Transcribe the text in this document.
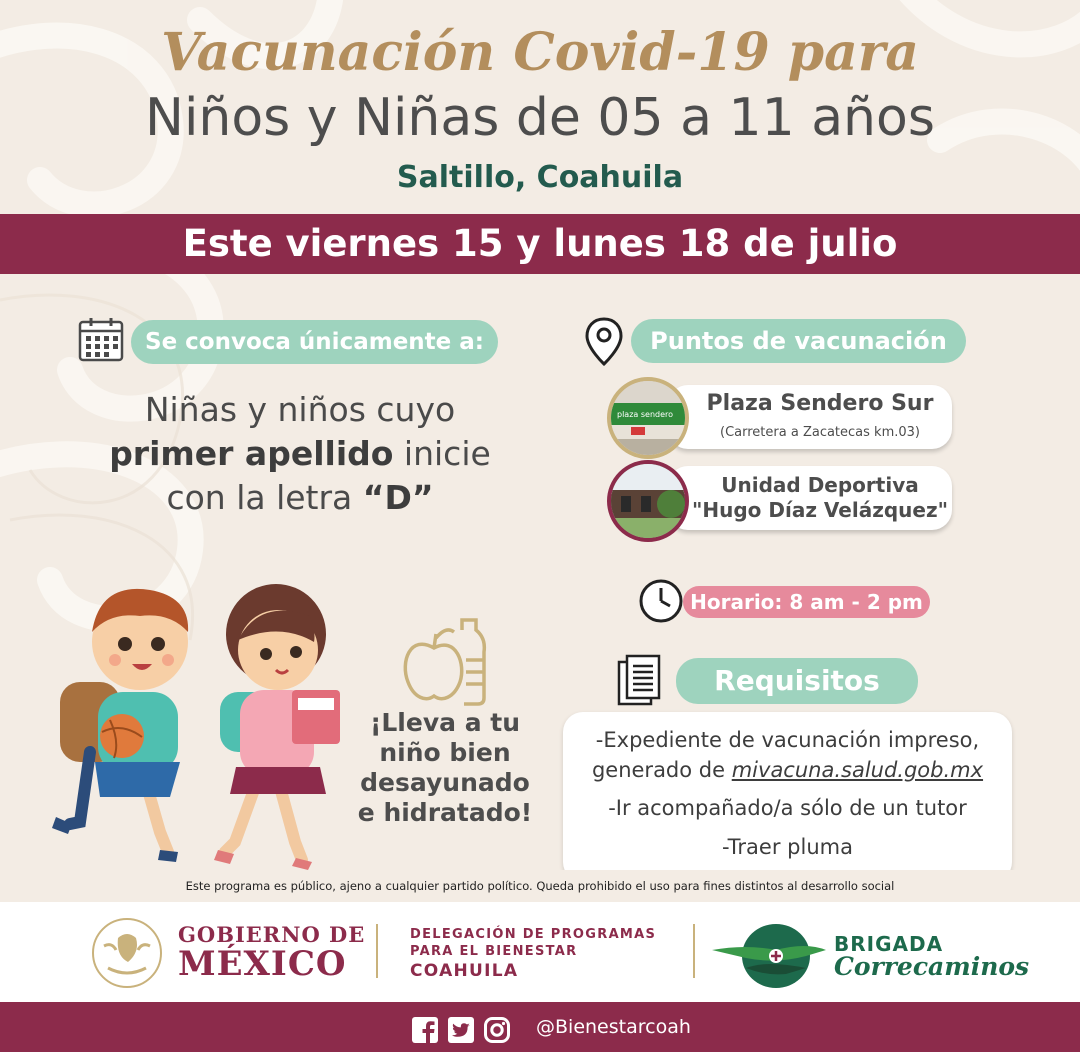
Vacunación Covid-19 para
Niños y Niñas de 05 a 11 años
Saltillo, Coahuila
Este viernes 15 y lunes 18 de julio
Se convoca únicamente a:
Niñas y niños cuyo
primer apellido inicie
con la letra “D”
¡Lleva a tu
niño bien
desayunado
e hidratado!
Puntos de vacunación
Plaza Sendero Sur
(Carretera a Zacatecas km.03)
plaza sendero
Unidad Deportiva
"Hugo Díaz Velázquez"
Horario: 8 am - 2 pm
Requisitos
-Expediente de vacunación impreso,
generado de mivacuna.salud.gob.mx
-Ir acompañado/a sólo de un tutor
-Traer pluma
Este programa es público, ajeno a cualquier partido político. Queda prohibido el uso para fines distintos al desarrollo social
GOBIERNO DE
MÉXICO
DELEGACIÓN DE PROGRAMAS
PARA EL BIENESTAR
COAHUILA
BRIGADA
Correcaminos
@Bienestarcoah
